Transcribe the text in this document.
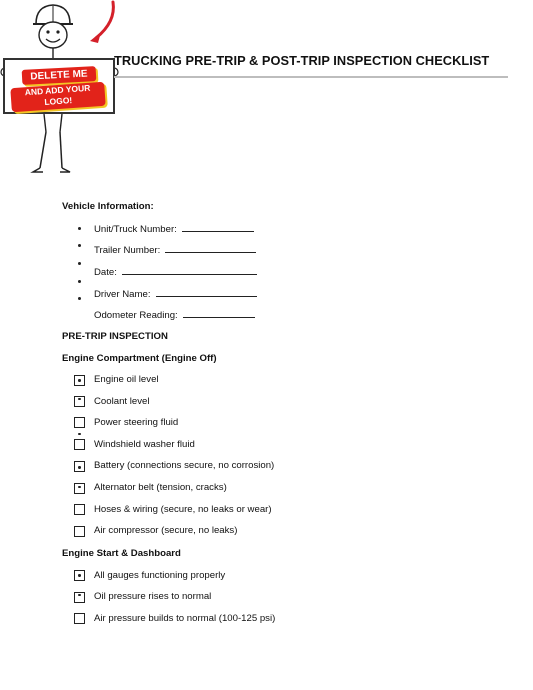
DELETE ME
AND ADD YOUR LOGO!
TRUCKING PRE-TRIP & POST-TRIP INSPECTION CHECKLIST
Vehicle Information:
Unit/Truck Number:
Trailer Number:
Date:
Driver Name:
Odometer Reading:
PRE-TRIP INSPECTION
Engine Compartment (Engine Off)
Engine oil level
Coolant level
Power steering fluid
Windshield washer fluid
Battery (connections secure, no corrosion)
Alternator belt (tension, cracks)
Hoses & wiring (secure, no leaks or wear)
Air compressor (secure, no leaks)
Engine Start & Dashboard
All gauges functioning properly
Oil pressure rises to normal
Air pressure builds to normal (100-125 psi)
